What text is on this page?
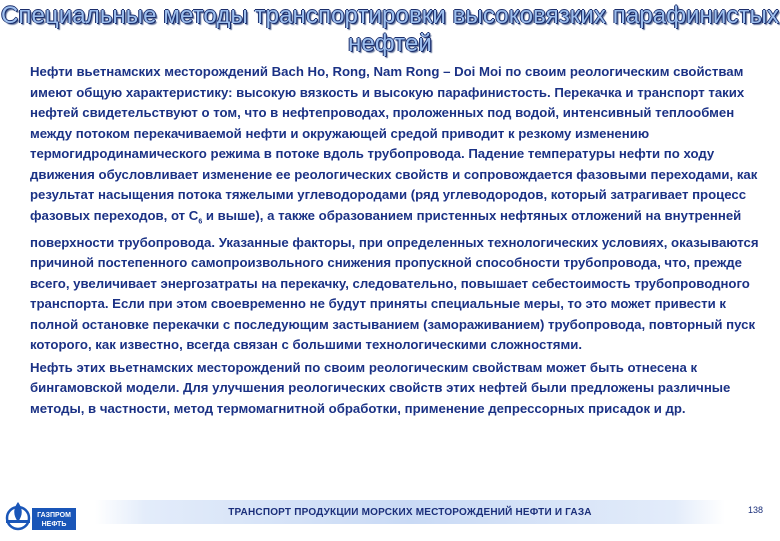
Специальные методы транспортировки высоковязких парафинистых нефтей

Нефти вьетнамских месторождений Bach Ho, Rong, Nam Rong – Doi Moi по своим реологическим свойствам имеют общую характеристику: высокую вязкость и высокую парафинистость. Перекачка и транспорт таких нефтей свидетельствуют о том, что в нефтепроводах, проложенных под водой, интенсивный теплообмен между потоком перекачиваемой нефти и окружающей средой приводит к резкому изменению термогидродинамического режима в потоке вдоль трубопровода. Падение температуры нефти по ходу движения обусловливает изменение ее реологических свойств и сопровождается фазовыми переходами, как результат насыщения потока тяжелыми углеводородами (ряд углеводородов, который затрагивает процесс фазовых переходов, от $С_6$ и выше), а также образованием пристенных нефтяных отложений на внутренней поверхности трубопровода. Указанные факторы, при определенных технологических условиях, оказываются причиной постепенного самопроизвольного снижения пропускной способности трубопровода, что, прежде всего, увеличивает энергозатраты на перекачку, следовательно, повышает себестоимость трубопроводного транспорта. Если при этом своевременно не будут приняты специальные меры, то это может привести к полной остановке перекачки с последующим застыванием (замораживанием) трубопровода, повторный пуск которого, как известно, всегда связан с большими технологическими сложностями.

Нефть этих вьетнамских месторождений по своим реологическим свойствам может быть отнесена к бингамовской модели. Для улучшения реологических свойств этих нефтей были предложены различные методы, в частности, метод термомагнитной обработки, применение депрессорных присадок и др.

ГАЗПРОМ
НЕФТЬ
ТРАНСПОРТ ПРОДУКЦИИ МОРСКИХ МЕСТОРОЖДЕНИЙ НЕФТИ И ГАЗА	138
